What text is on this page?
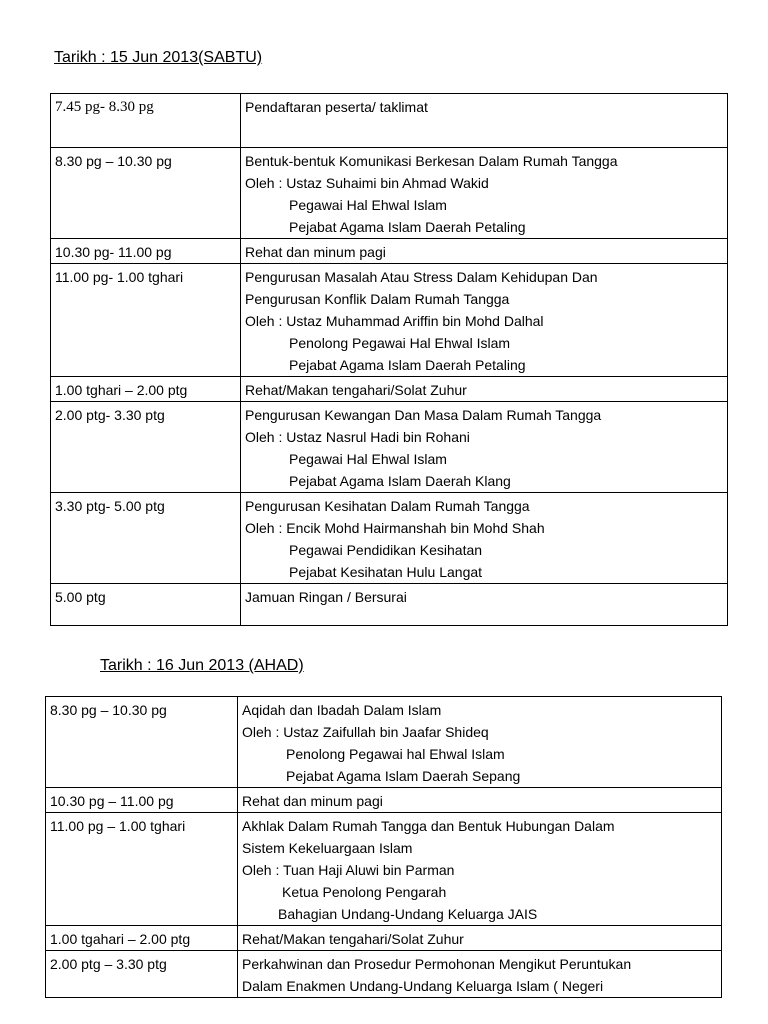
Tarikh : 15 Jun 2013(SABTU)
7.45 pg- 8.30 pg	Pendaftaran peserta/ taklimat

8.30 pg – 10.30 pg	Bentuk-bentuk Komunikasi Berkesan Dalam Rumah Tangga
Oleh : Ustaz Suhaimi bin Ahmad Wakid
Pegawai Hal Ehwal Islam
Pejabat Agama Islam Daerah Petaling

10.30 pg- 11.00 pg	Rehat dan minum pagi

11.00 pg- 1.00 tghari	Pengurusan Masalah Atau Stress Dalam Kehidupan Dan
Pengurusan Konflik Dalam Rumah Tangga
Oleh : Ustaz Muhammad Ariffin bin Mohd Dalhal
Penolong Pegawai Hal Ehwal Islam
Pejabat Agama Islam Daerah Petaling

1.00 tghari – 2.00 ptg	Rehat/Makan tengahari/Solat Zuhur

2.00 ptg- 3.30 ptg	Pengurusan Kewangan Dan Masa Dalam Rumah Tangga
Oleh : Ustaz Nasrul Hadi bin Rohani
Pegawai Hal Ehwal Islam
Pejabat Agama Islam Daerah Klang

3.30 ptg- 5.00 ptg	Pengurusan Kesihatan Dalam Rumah Tangga
Oleh : Encik Mohd Hairmanshah bin Mohd Shah
Pegawai Pendidikan Kesihatan
Pejabat Kesihatan Hulu Langat

5.00 ptg	Jamuan Ringan / Bersurai
Tarikh : 16 Jun 2013 (AHAD)
8.30 pg – 10.30 pg	Aqidah dan Ibadah Dalam Islam
Oleh : Ustaz Zaifullah bin Jaafar Shideq
Penolong Pegawai hal Ehwal Islam
Pejabat Agama Islam Daerah Sepang

10.30 pg – 11.00 pg	Rehat dan minum pagi

11.00 pg – 1.00 tghari	Akhlak Dalam Rumah Tangga dan Bentuk Hubungan Dalam
Sistem Kekeluargaan Islam
Oleh : Tuan Haji Aluwi bin Parman
Ketua Penolong Pengarah
Bahagian Undang-Undang Keluarga JAIS

1.00 tgahari – 2.00 ptg	Rehat/Makan tengahari/Solat Zuhur

2.00 ptg – 3.30 ptg	Perkahwinan dan Prosedur Permohonan Mengikut Peruntukan
Dalam Enakmen Undang-Undang Keluarga Islam ( Negeri
